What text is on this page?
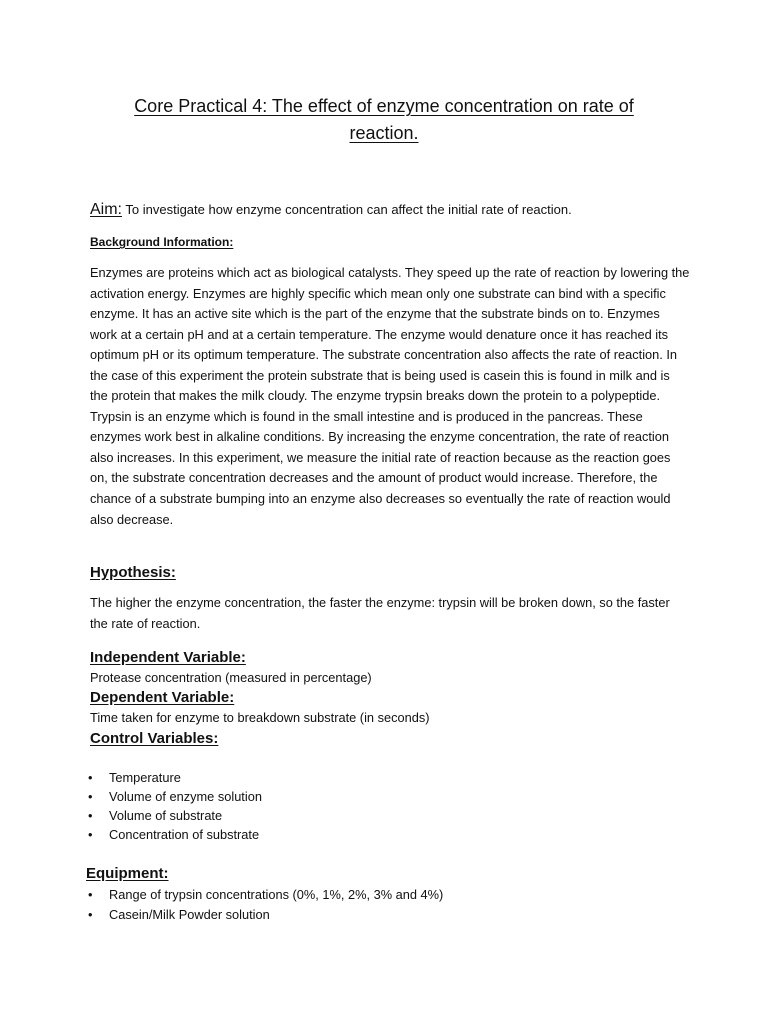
Core Practical 4: The effect of enzyme concentration on rate of
reaction.
Aim: To investigate how enzyme concentration can affect the initial rate of reaction.
Background Information:

Enzymes are proteins which act as biological catalysts. They speed up the rate of reaction by lowering the activation energy. Enzymes are highly specific which mean only one substrate can bind with a specific enzyme. It has an active site which is the part of the enzyme that the substrate binds on to. Enzymes work at a certain pH and at a certain temperature. The enzyme would denature once it has reached its optimum pH or its optimum temperature. The substrate concentration also affects the rate of reaction. In the case of this experiment the protein substrate that is being used is casein this is found in milk and is the protein that makes the milk cloudy. The enzyme trypsin breaks down the protein to a polypeptide. Trypsin is an enzyme which is found in the small intestine and is produced in the pancreas. These enzymes work best in alkaline conditions. By increasing the enzyme concentration, the rate of reaction also increases. In this experiment, we measure the initial rate of reaction because as the reaction goes on, the substrate concentration decreases and the amount of product would increase. Therefore, the chance of a substrate bumping into an enzyme also decreases so eventually the rate of reaction would also decrease.

Hypothesis:

The higher the enzyme concentration, the faster the enzyme: trypsin will be broken down, so the faster the rate of reaction.

Independent Variable:

Protease concentration (measured in percentage)

Dependent Variable:

Time taken for enzyme to breakdown substrate (in seconds)

Control Variables:
• Temperature
• Volume of enzyme solution
• Volume of substrate
• Concentration of substrate
Equipment:
• Range of trypsin concentrations (0%, 1%, 2%, 3% and 4%)
• Casein/Milk Powder solution
